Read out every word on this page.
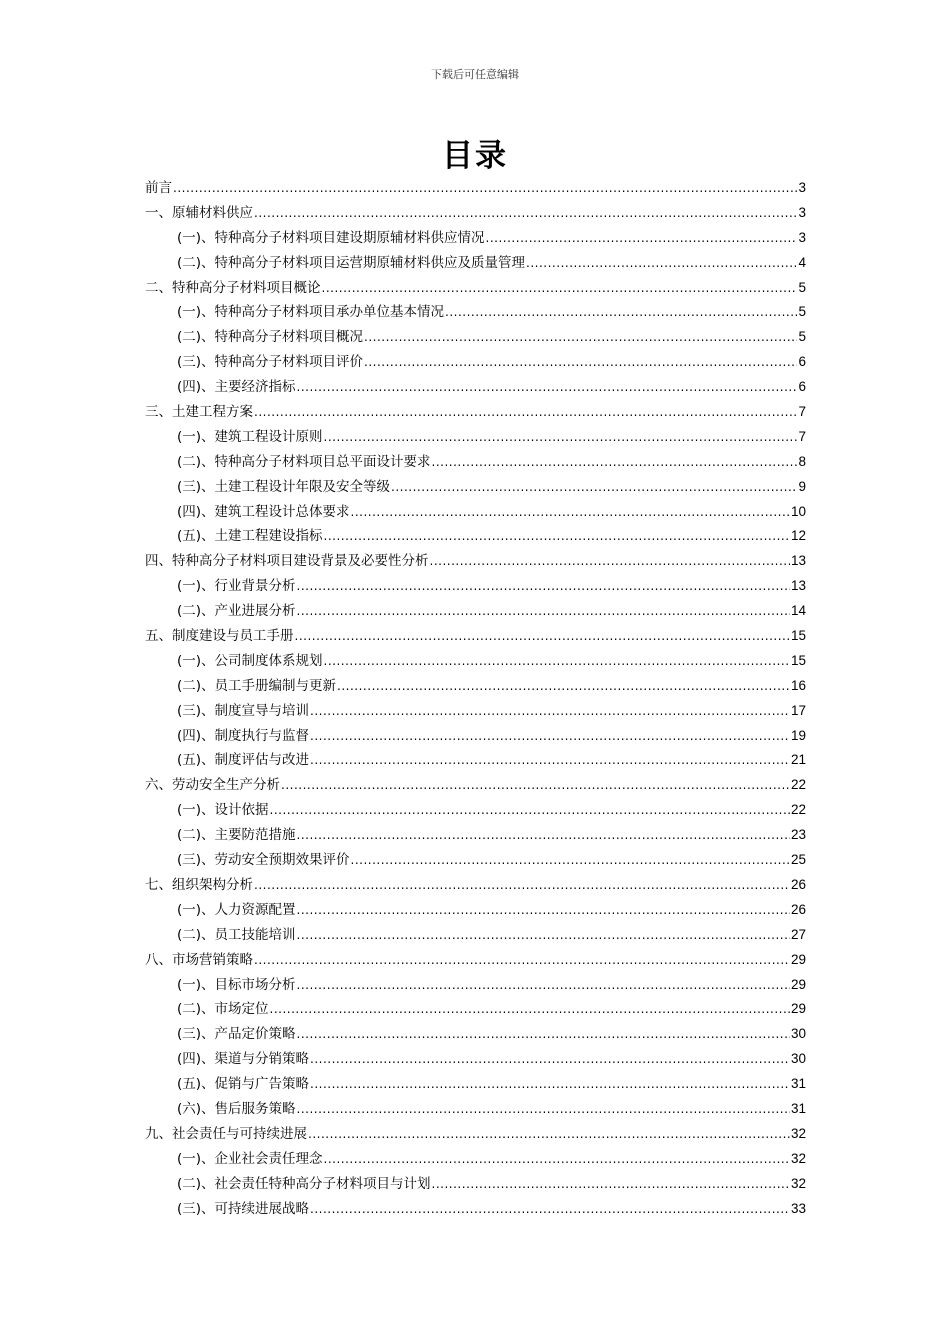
下载后可任意编辑
目录
前言 .....	3
一、原辅材料供应 .....	3
(一)、特种高分子材料项目建设期原辅材料供应情况 .....	3
(二)、特种高分子材料项目运营期原辅材料供应及质量管理 .....	4
二、特种高分子材料项目概论 .....	5
(一)、特种高分子材料项目承办单位基本情况 .....	5
(二)、特种高分子材料项目概况 .....	5
(三)、特种高分子材料项目评价 .....	6
(四)、主要经济指标 .....	6
三、土建工程方案 .....	7
(一)、建筑工程设计原则 .....	7
(二)、特种高分子材料项目总平面设计要求 .....	8
(三)、土建工程设计年限及安全等级 .....	9
(四)、建筑工程设计总体要求 .....	10
(五)、土建工程建设指标 .....	12
四、特种高分子材料项目建设背景及必要性分析 .....	13
(一)、行业背景分析 .....	13
(二)、产业进展分析 .....	14
五、制度建设与员工手册 .....	15
(一)、公司制度体系规划 .....	15
(二)、员工手册编制与更新 .....	16
(三)、制度宣导与培训 .....	17
(四)、制度执行与监督 .....	19
(五)、制度评估与改进 .....	21
六、劳动安全生产分析 .....	22
(一)、设计依据 .....	22
(二)、主要防范措施 .....	23
(三)、劳动安全预期效果评价 .....	25
七、组织架构分析 .....	26
(一)、人力资源配置 .....	26
(二)、员工技能培训 .....	27
八、市场营销策略 .....	29
(一)、目标市场分析 .....	29
(二)、市场定位 .....	29
(三)、产品定价策略 .....	30
(四)、渠道与分销策略 .....	30
(五)、促销与广告策略 .....	31
(六)、售后服务策略 .....	31
九、社会责任与可持续进展 .....	32
(一)、企业社会责任理念 .....	32
(二)、社会责任特种高分子材料项目与计划 .....	32
(三)、可持续进展战略 .....	33
